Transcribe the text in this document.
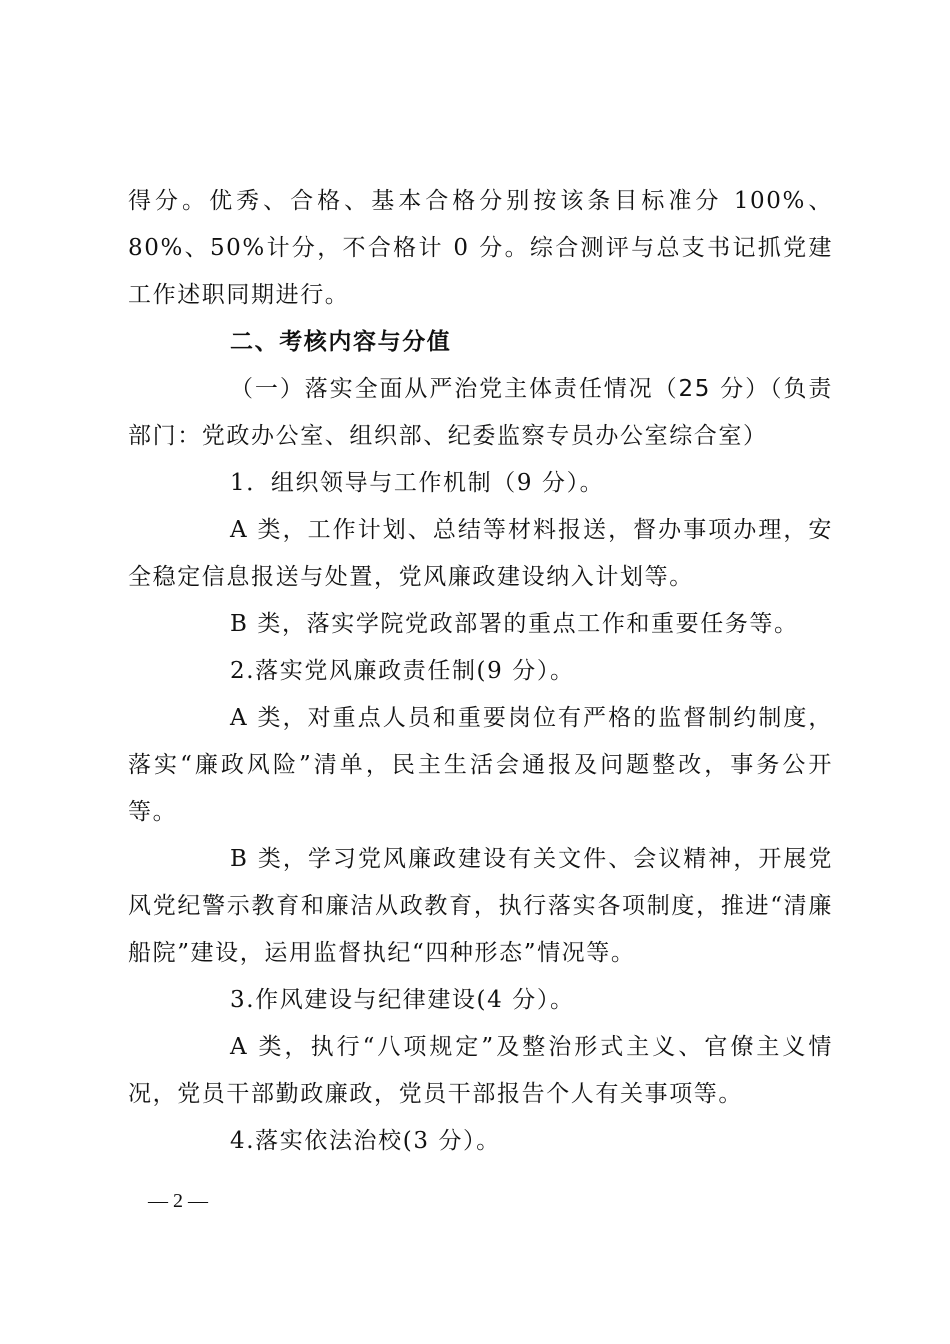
得分。优秀、合格、基本合格分别按该条目标准分 100%、80%、50%计分，不合格计 0 分。综合测评与总支书记抓党建工作述职同期进行。

二、考核内容与分值

（一）落实全面从严治党主体责任情况（25 分）（负责部门：党政办公室、组织部、纪委监察专员办公室综合室）

1．组织领导与工作机制（9 分）。

A 类，工作计划、总结等材料报送，督办事项办理，安全稳定信息报送与处置，党风廉政建设纳入计划等。

B 类，落实学院党政部署的重点工作和重要任务等。

2.落实党风廉政责任制(9 分）。

A 类，对重点人员和重要岗位有严格的监督制约制度，落实“廉政风险”清单，民主生活会通报及问题整改，事务公开等。

B 类，学习党风廉政建设有关文件、会议精神，开展党风党纪警示教育和廉洁从政教育，执行落实各项制度，推进“清廉船院”建设，运用监督执纪“四种形态”情况等。

3.作风建设与纪律建设(4 分）。

A 类，执行“八项规定”及整治形式主义、官僚主义情况，党员干部勤政廉政，党员干部报告个人有关事项等。

4.落实依法治校(3 分）。

— 2 —
